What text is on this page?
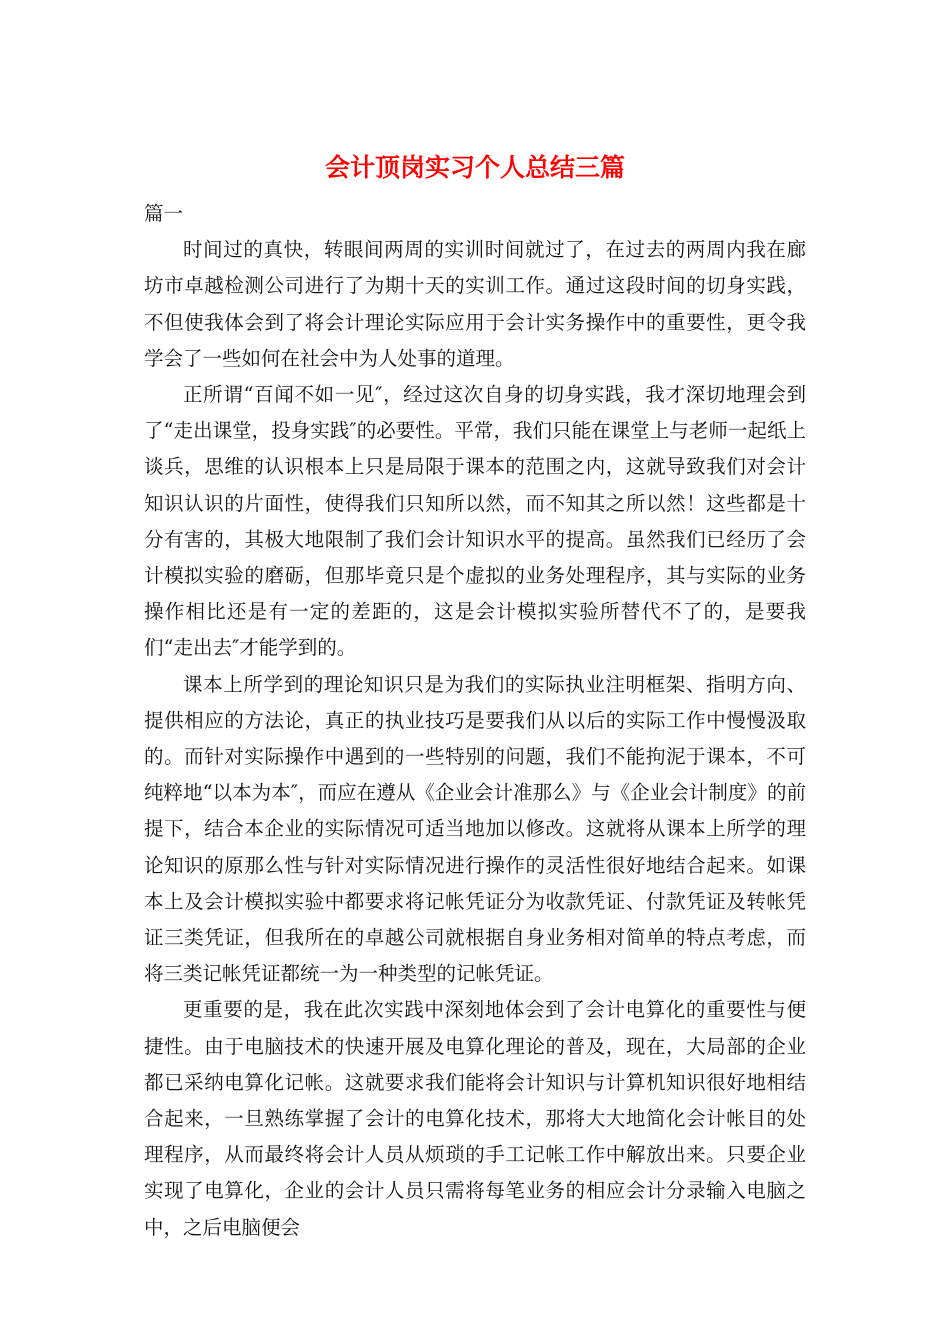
会计顶岗实习个人总结三篇

篇一

时间过的真快，转眼间两周的实训时间就过了，在过去的两周内我在廊坊市卓越检测公司进行了为期十天的实训工作。通过这段时间的切身实践，不但使我体会到了将会计理论实际应用于会计实务操作中的重要性，更令我学会了一些如何在社会中为人处事的道理。

正所谓“百闻不如一见″，经过这次自身的切身实践，我才深切地理会到了“走出课堂，投身实践″的必要性。平常，我们只能在课堂上与老师一起纸上谈兵，思维的认识根本上只是局限于课本的范围之内，这就导致我们对会计知识认识的片面性，使得我们只知所以然，而不知其之所以然！这些都是十分有害的，其极大地限制了我们会计知识水平的提高。虽然我们已经历了会计模拟实验的磨砺，但那毕竟只是个虚拟的业务处理程序，其与实际的业务操作相比还是有一定的差距的，这是会计模拟实验所替代不了的，是要我们“走出去″才能学到的。

课本上所学到的理论知识只是为我们的实际执业注明框架、指明方向、提供相应的方法论，真正的执业技巧是要我们从以后的实际工作中慢慢汲取的。而针对实际操作中遇到的一些特别的问题，我们不能拘泥于课本，不可纯粹地“以本为本″，而应在遵从《企业会计准那么》与《企业会计制度》的前提下，结合本企业的实际情况可适当地加以修改。这就将从课本上所学的理论知识的原那么性与针对实际情况进行操作的灵活性很好地结合起来。如课本上及会计模拟实验中都要求将记帐凭证分为收款凭证、付款凭证及转帐凭证三类凭证，但我所在的卓越公司就根据自身业务相对简单的特点考虑，而将三类记帐凭证都统一为一种类型的记帐凭证。

更重要的是，我在此次实践中深刻地体会到了会计电算化的重要性与便捷性。由于电脑技术的快速开展及电算化理论的普及，现在，大局部的企业都已采纳电算化记帐。这就要求我们能将会计知识与计算机知识很好地相结合起来，一旦熟练掌握了会计的电算化技术，那将大大地简化会计帐目的处理程序，从而最终将会计人员从烦琐的手工记帐工作中解放出来。只要企业实现了电算化，企业的会计人员只需将每笔业务的相应会计分录输入电脑之中，之后电脑便会
